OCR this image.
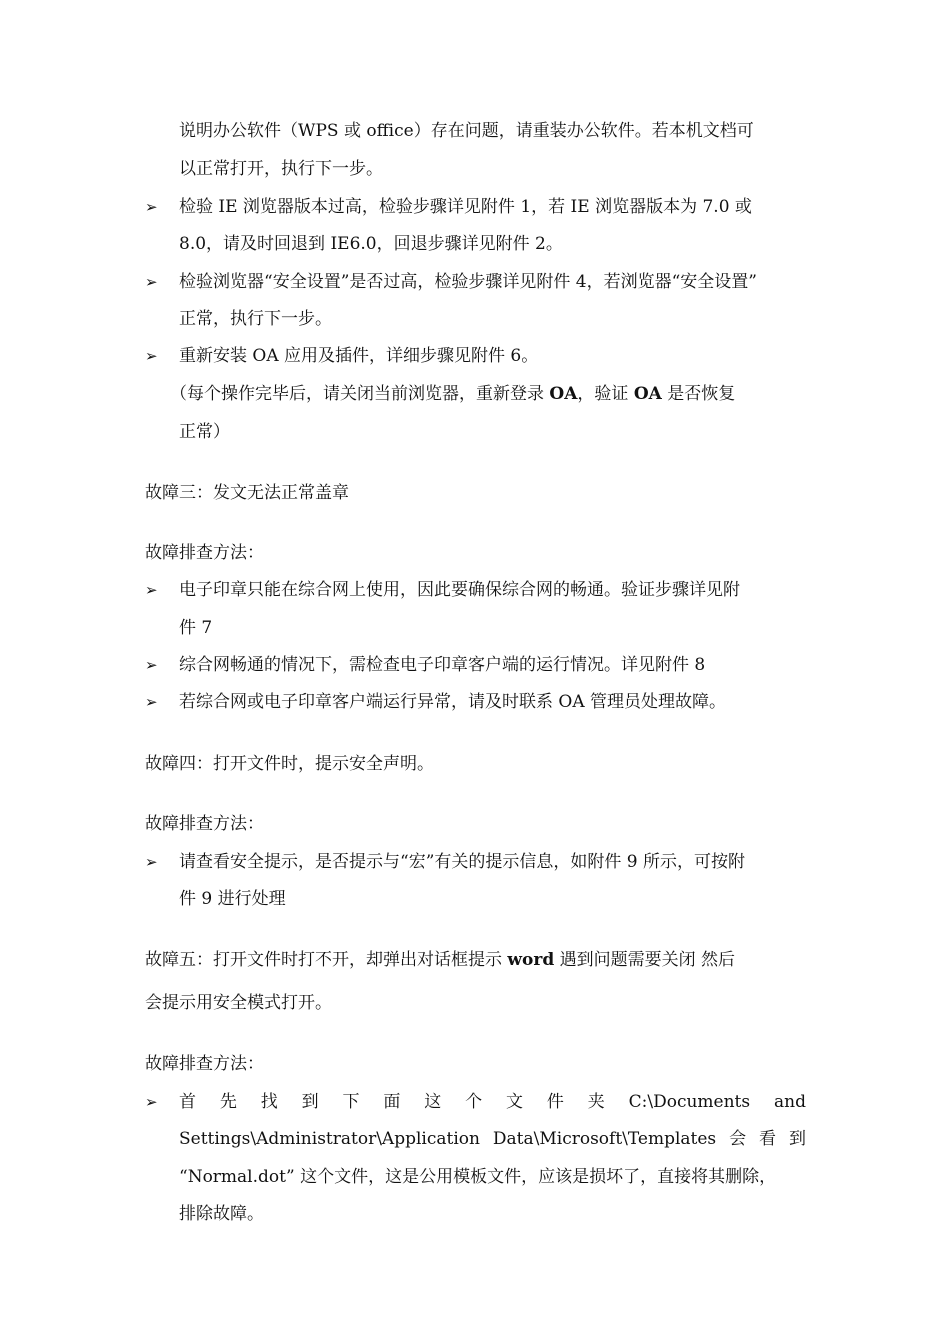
说明办公软件（WPS 或 office）存在问题，请重装办公软件。若本机文档可
以正常打开，执行下一步。
➢ 检验 IE 浏览器版本过高，检验步骤详见附件 1，若 IE 浏览器版本为 7.0 或
8.0，请及时回退到 IE6.0，回退步骤详见附件 2。
➢ 检验浏览器“安全设置”是否过高，检验步骤详见附件 4，若浏览器“安全设置”
正常，执行下一步。
➢ 重新安装 OA 应用及插件，详细步骤见附件 6。
（每个操作完毕后，请关闭当前浏览器，重新登录 OA，验证 OA 是否恢复
正常）
故障三：发文无法正常盖章
故障排查方法：
➢ 电子印章只能在综合网上使用，因此要确保综合网的畅通。验证步骤详见附
件 7
➢ 综合网畅通的情况下，需检查电子印章客户端的运行情况。详见附件 8
➢ 若综合网或电子印章客户端运行异常，请及时联系 OA 管理员处理故障。
故障四：打开文件时，提示安全声明。
故障排查方法：
➢ 请查看安全提示，是否提示与“宏”有关的提示信息，如附件 9 所示，可按附
件 9 进行处理
故障五：打开文件时打不开，却弹出对话框提示 word 遇到问题需要关闭 然后
会提示用安全模式打开。
故障排查方法：
➢ 首 先 找 到 下 面 这 个 文 件 夹 C:\Documents and
Settings\Administrator\Application Data\Microsoft\Templates 会 看 到
“Normal.dot” 这个文件，这是公用模板文件，应该是损坏了，直接将其删除，
排除故障。
